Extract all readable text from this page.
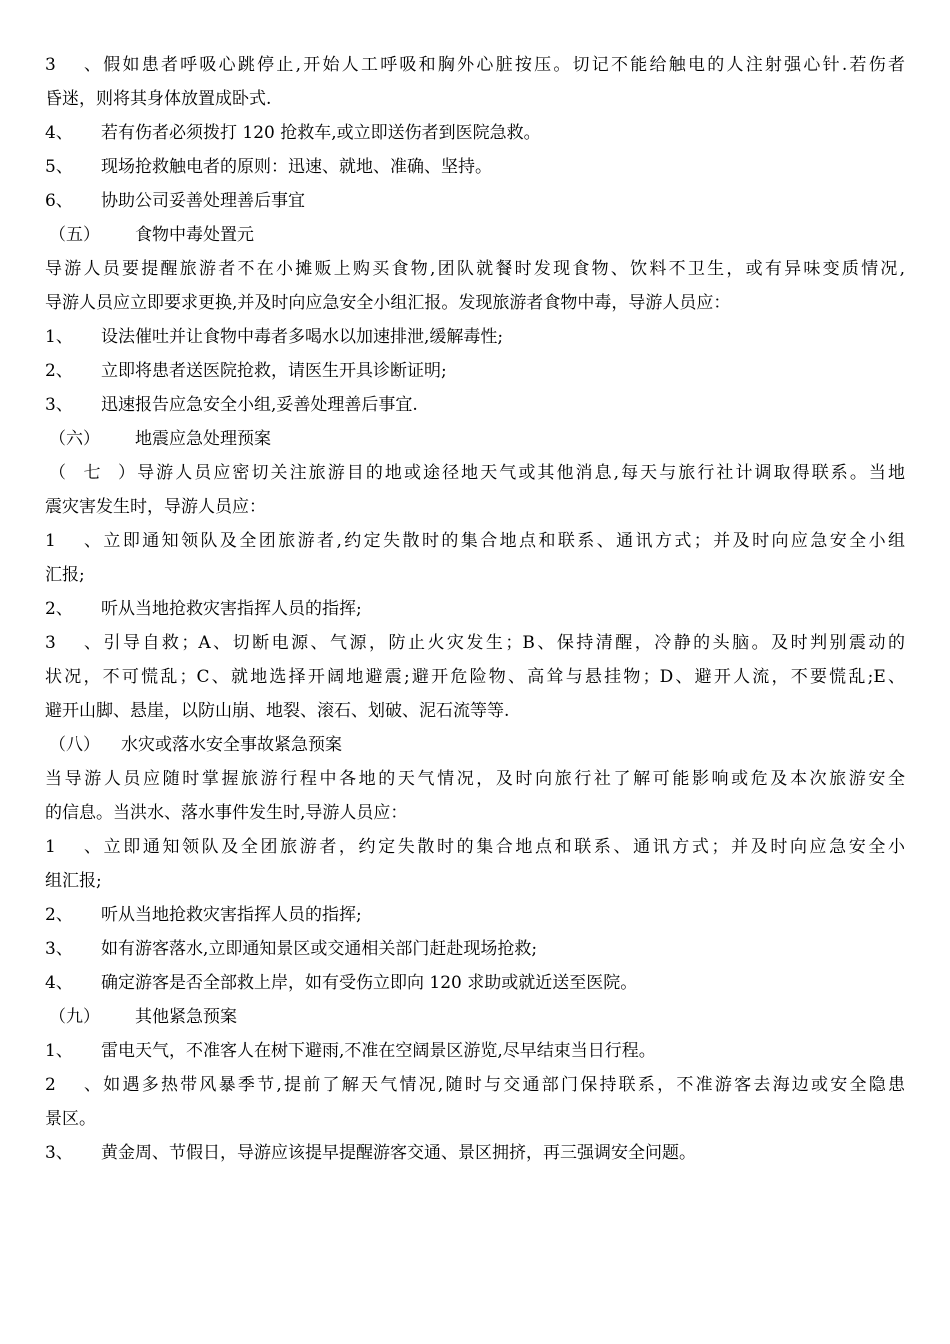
3、假如患者呼吸心跳停止,开始人工呼吸和胸外心脏按压。切记不能给触电的人注射强心针.若伤者
昏迷，则将其身体放置成卧式.
4、 若有伤者必须拨打 120 抢救车,或立即送伤者到医院急救。
5、 现场抢救触电者的原则：迅速、就地、准确、坚持。
6、 协助公司妥善处理善后事宜
（五） 食物中毒处置元
导游人员要提醒旅游者不在小摊贩上购买食物,团队就餐时发现食物、饮料不卫生，或有异味变质情况,
导游人员应立即要求更换,并及时向应急安全小组汇报。发现旅游者食物中毒，导游人员应：
1、 设法催吐并让食物中毒者多喝水以加速排泄,缓解毒性;
2、 立即将患者送医院抢救，请医生开具诊断证明;
3、 迅速报告应急安全小组,妥善处理善后事宜.
（六） 地震应急处理预案
（七）导游人员应密切关注旅游目的地或途径地天气或其他消息,每天与旅行社计调取得联系。当地
震灾害发生时，导游人员应：
1、立即通知领队及全团旅游者,约定失散时的集合地点和联系、通讯方式；并及时向应急安全小组
汇报;
2、 听从当地抢救灾害指挥人员的指挥;
3、引导自救；A、切断电源、气源，防止火灾发生；B、保持清醒，冷静的头脑。及时判别震动的
状况，不可慌乱；C、就地选择开阔地避震;避开危险物、高耸与悬挂物；D、避开人流，不要慌乱;E、
避开山脚、悬崖，以防山崩、地裂、滚石、划破、泥石流等等.
（八） 水灾或落水安全事故紧急预案
当导游人员应随时掌握旅游行程中各地的天气情况，及时向旅行社了解可能影响或危及本次旅游安全
的信息。当洪水、落水事件发生时,导游人员应：
1、立即通知领队及全团旅游者，约定失散时的集合地点和联系、通讯方式；并及时向应急安全小
组汇报;
2、 听从当地抢救灾害指挥人员的指挥;
3、 如有游客落水,立即通知景区或交通相关部门赶赴现场抢救;
4、 确定游客是否全部救上岸，如有受伤立即向 120 求助或就近送至医院。
（九） 其他紧急预案
1、 雷电天气，不准客人在树下避雨,不准在空阔景区游览,尽早结束当日行程。
2、如遇多热带风暴季节,提前了解天气情况,随时与交通部门保持联系，不准游客去海边或安全隐患
景区。
3、 黄金周、节假日，导游应该提早提醒游客交通、景区拥挤，再三强调安全问题。
